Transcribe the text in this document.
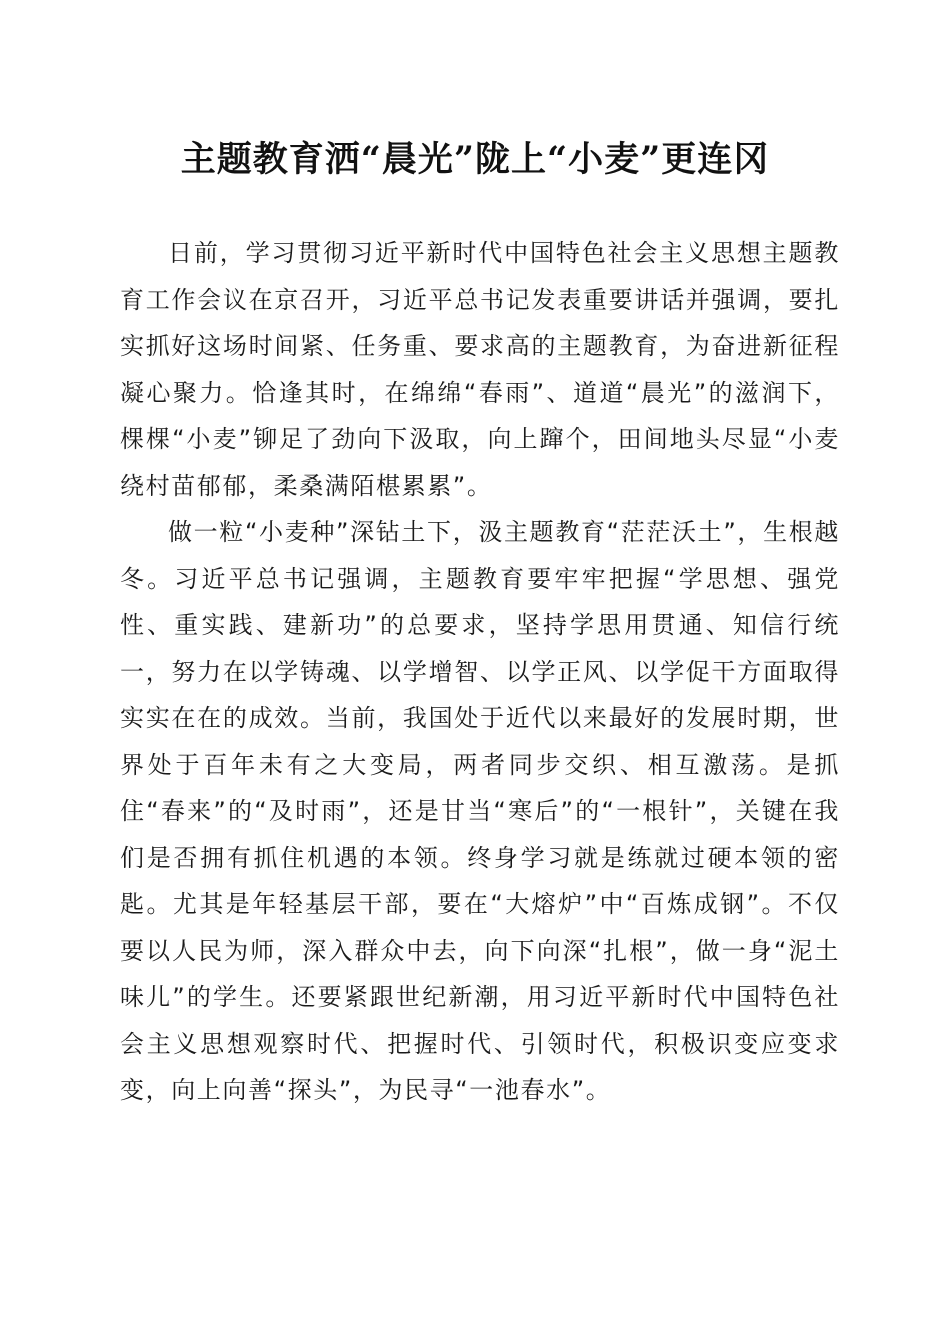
主题教育洒“晨光”陇上“小麦”更连冈

日前，学习贯彻习近平新时代中国特色社会主义思想主题教育工作会议在京召开，习近平总书记发表重要讲话并强调，要扎实抓好这场时间紧、任务重、要求高的主题教育，为奋进新征程凝心聚力。恰逢其时，在绵绵“春雨”、道道“晨光”的滋润下，棵棵“小麦”铆足了劲向下汲取，向上蹿个，田间地头尽显“小麦绕村苗郁郁，柔桑满陌椹累累”。

做一粒“小麦种”深钻土下，汲主题教育“茫茫沃土”，生根越冬。习近平总书记强调，主题教育要牢牢把握“学思想、强党性、重实践、建新功”的总要求，坚持学思用贯通、知信行统一，努力在以学铸魂、以学增智、以学正风、以学促干方面取得实实在在的成效。当前，我国处于近代以来最好的发展时期，世界处于百年未有之大变局，两者同步交织、相互激荡。是抓住“春来”的“及时雨”，还是甘当“寒后”的“一根针”，关键在我们是否拥有抓住机遇的本领。终身学习就是练就过硬本领的密匙。尤其是年轻基层干部，要在“大熔炉”中“百炼成钢”。不仅要以人民为师，深入群众中去，向下向深“扎根”，做一身“泥土味儿”的学生。还要紧跟世纪新潮，用习近平新时代中国特色社会主义思想观察时代、把握时代、引领时代，积极识变应变求变，向上向善“探头”，为民寻“一池春水”。
